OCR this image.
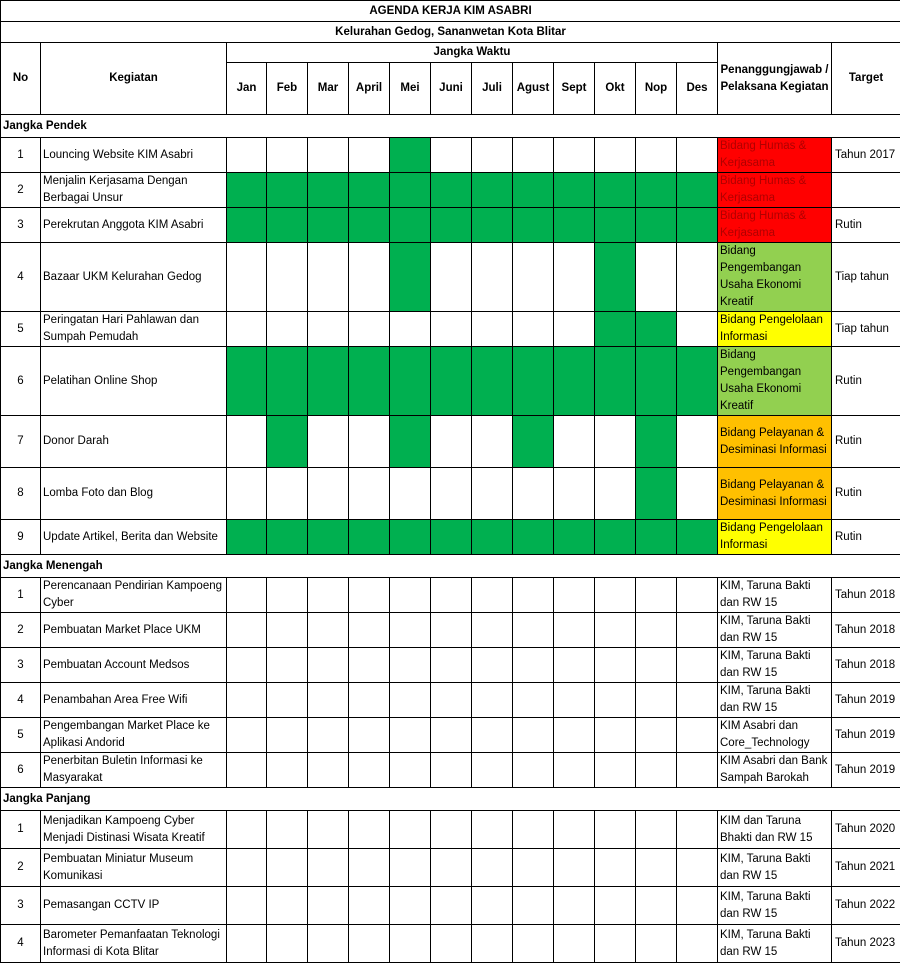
AGENDA KERJA KIM ASABRI															
Kelurahan Gedog, Sananwetan Kota Blitar															
No	Kegiatan	Jangka Waktu												Penanggungjawab / Pelaksana Kegiatan	Target
		Jan	Feb	Mar	April	Mei	Juni	Juli	Agust	Sept	Okt	Nop	Des		
Jangka Pendek															
1	Louncing Website KIM Asabri													Bidang Humas & Kerjasama	Tahun 2017
2	Menjalin Kerjasama Dengan Berbagai Unsur													Bidang Humas & Kerjasama	
3	Perekrutan Anggota KIM Asabri													Bidang Humas & Kerjasama	Rutin
4	Bazaar UKM Kelurahan Gedog													Bidang Pengembangan Usaha Ekonomi Kreatif	Tiap tahun
5	Peringatan Hari Pahlawan dan Sumpah Pemudah													Bidang Pengelolaan Informasi	Tiap tahun
6	Pelatihan Online Shop													Bidang Pengembangan Usaha Ekonomi Kreatif	Rutin
7	Donor Darah													Bidang Pelayanan & Desiminasi Informasi	Rutin
8	Lomba Foto dan Blog													Bidang Pelayanan & Desiminasi Informasi	Rutin
9	Update Artikel, Berita dan Website													Bidang Pengelolaan Informasi	Rutin
Jangka Menengah															
1	Perencanaan Pendirian Kampoeng Cyber													KIM, Taruna Bakti dan RW 15	Tahun 2018
2	Pembuatan Market Place UKM													KIM, Taruna Bakti dan RW 15	Tahun 2018
3	Pembuatan Account Medsos													KIM, Taruna Bakti dan RW 15	Tahun 2018
4	Penambahan Area Free Wifi													KIM, Taruna Bakti dan RW 15	Tahun 2019
5	Pengembangan Market Place ke Aplikasi Andorid													KIM Asabri dan Core_Technology	Tahun 2019
6	Penerbitan Buletin Informasi ke Masyarakat													KIM Asabri dan Bank Sampah Barokah	Tahun 2019
Jangka Panjang															
1	Menjadikan Kampoeng Cyber Menjadi Distinasi Wisata Kreatif													KIM dan Taruna Bhakti dan RW 15	Tahun 2020
2	Pembuatan Miniatur Museum Komunikasi													KIM, Taruna Bakti dan RW 15	Tahun 2021
3	Pemasangan CCTV IP													KIM, Taruna Bakti dan RW 15	Tahun 2022
4	Barometer Pemanfaatan Teknologi Informasi di Kota Blitar													KIM, Taruna Bakti dan RW 15	Tahun 2023
